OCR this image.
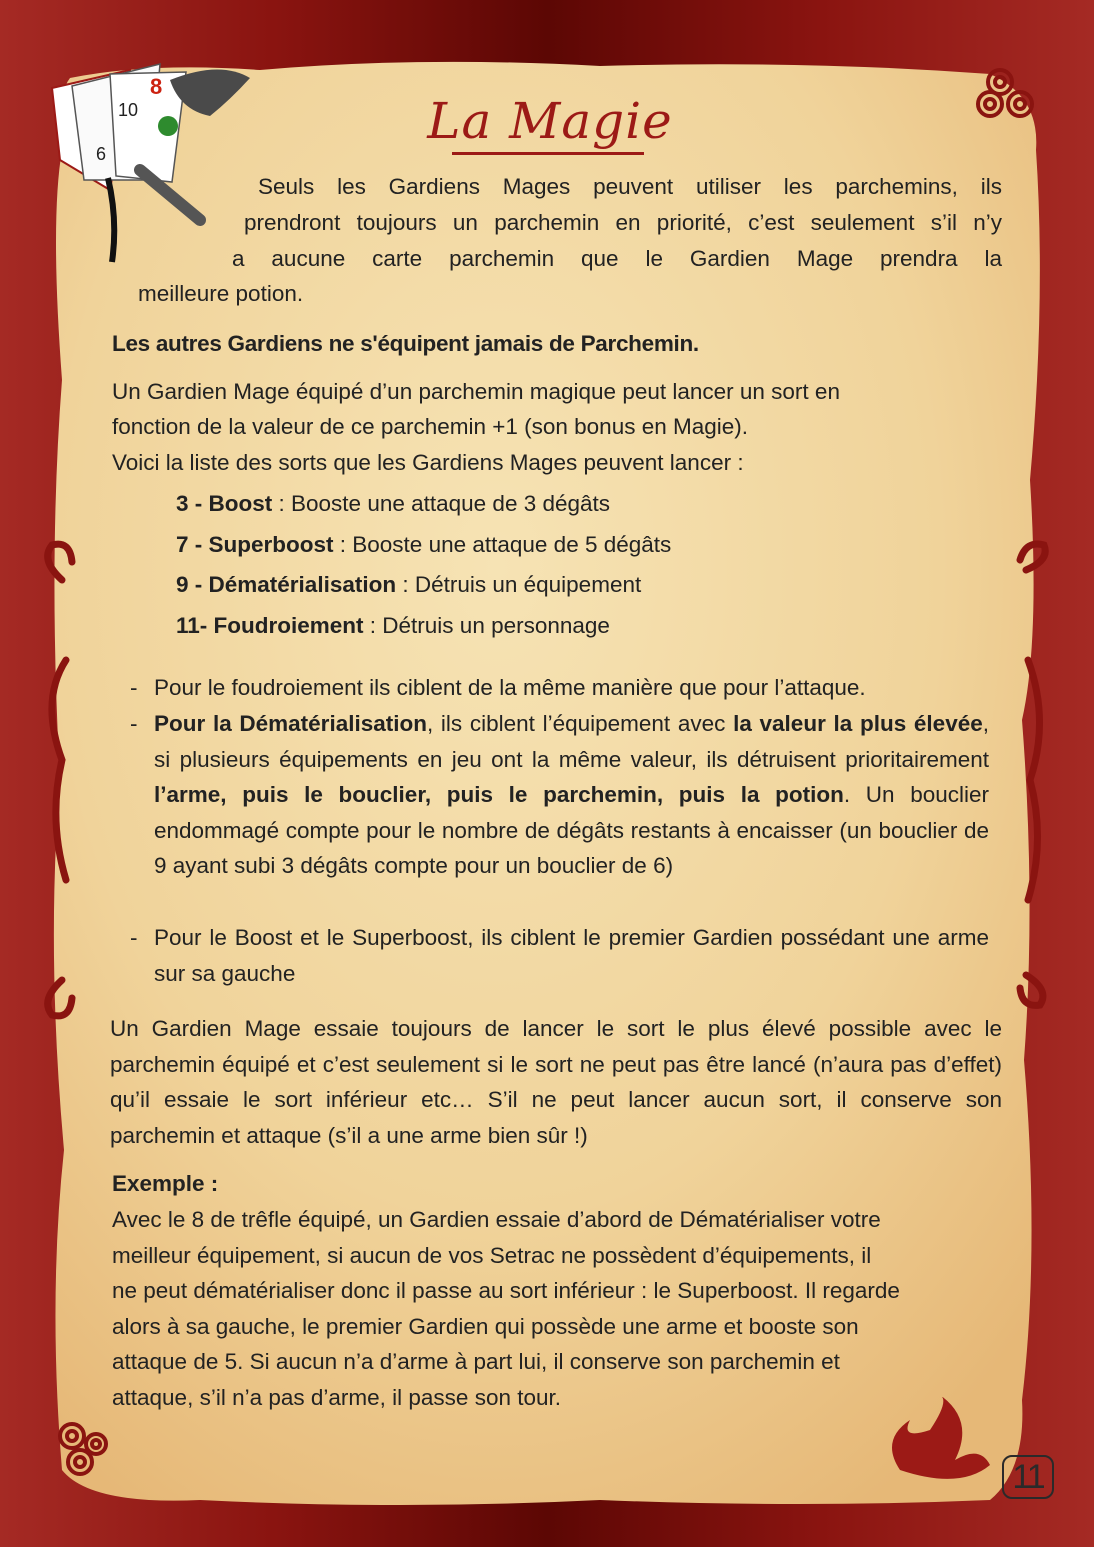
8
10
6
La Magie
Seuls les Gardiens Mages peuvent utiliser les parchemins, ils
prendront toujours un parchemin en priorité, c’est seulement s’il n’y
a aucune carte parchemin que le Gardien Mage prendra la
meilleure potion.
Les autres Gardiens ne s'équipent jamais de Parchemin.
Un Gardien Mage équipé d’un parchemin magique peut lancer un sort en
fonction de la valeur de ce parchemin +1 (son bonus en Magie).
Voici la liste des sorts que les Gardiens Mages peuvent lancer :
3 - Boost : Booste une attaque de 3 dégâts
7 - Superboost : Booste une attaque de 5 dégâts
9 - Dématérialisation : Détruis un équipement
11- Foudroiement : Détruis un personnage
- Pour le foudroiement ils ciblent de la même manière que pour l’attaque.
- Pour la Dématérialisation, ils ciblent l’équipement avec la valeur la plus élevée, si plusieurs équipements en jeu ont la même valeur, ils détruisent prioritairement l’arme, puis le bouclier, puis le parchemin, puis la potion. Un bouclier endommagé compte pour le nombre de dégâts restants à encaisser (un bouclier de 9 ayant subi 3 dégâts compte pour un bouclier de 6)
- Pour le Boost et le Superboost, ils ciblent le premier Gardien possédant une arme sur sa gauche
Un Gardien Mage essaie toujours de lancer le sort le plus élevé possible avec le parchemin équipé et c’est seulement si le sort ne peut pas être lancé (n’aura pas d’effet) qu’il essaie le sort inférieur etc… S’il ne peut lancer aucun sort, il conserve son parchemin et attaque (s’il a une arme bien sûr !)
Exemple :
Avec le 8 de trêfle équipé, un Gardien essaie d’abord de Dématérialiser votre
meilleur équipement, si aucun de vos Setrac ne possèdent d’équipements, il
ne peut dématérialiser donc il passe au sort inférieur : le Superboost. Il regarde
alors à sa gauche, le premier Gardien qui possède une arme et booste son
attaque de 5. Si aucun n’a d’arme à part lui, il conserve son parchemin et
attaque, s’il n’a pas d’arme, il passe son tour.
11
